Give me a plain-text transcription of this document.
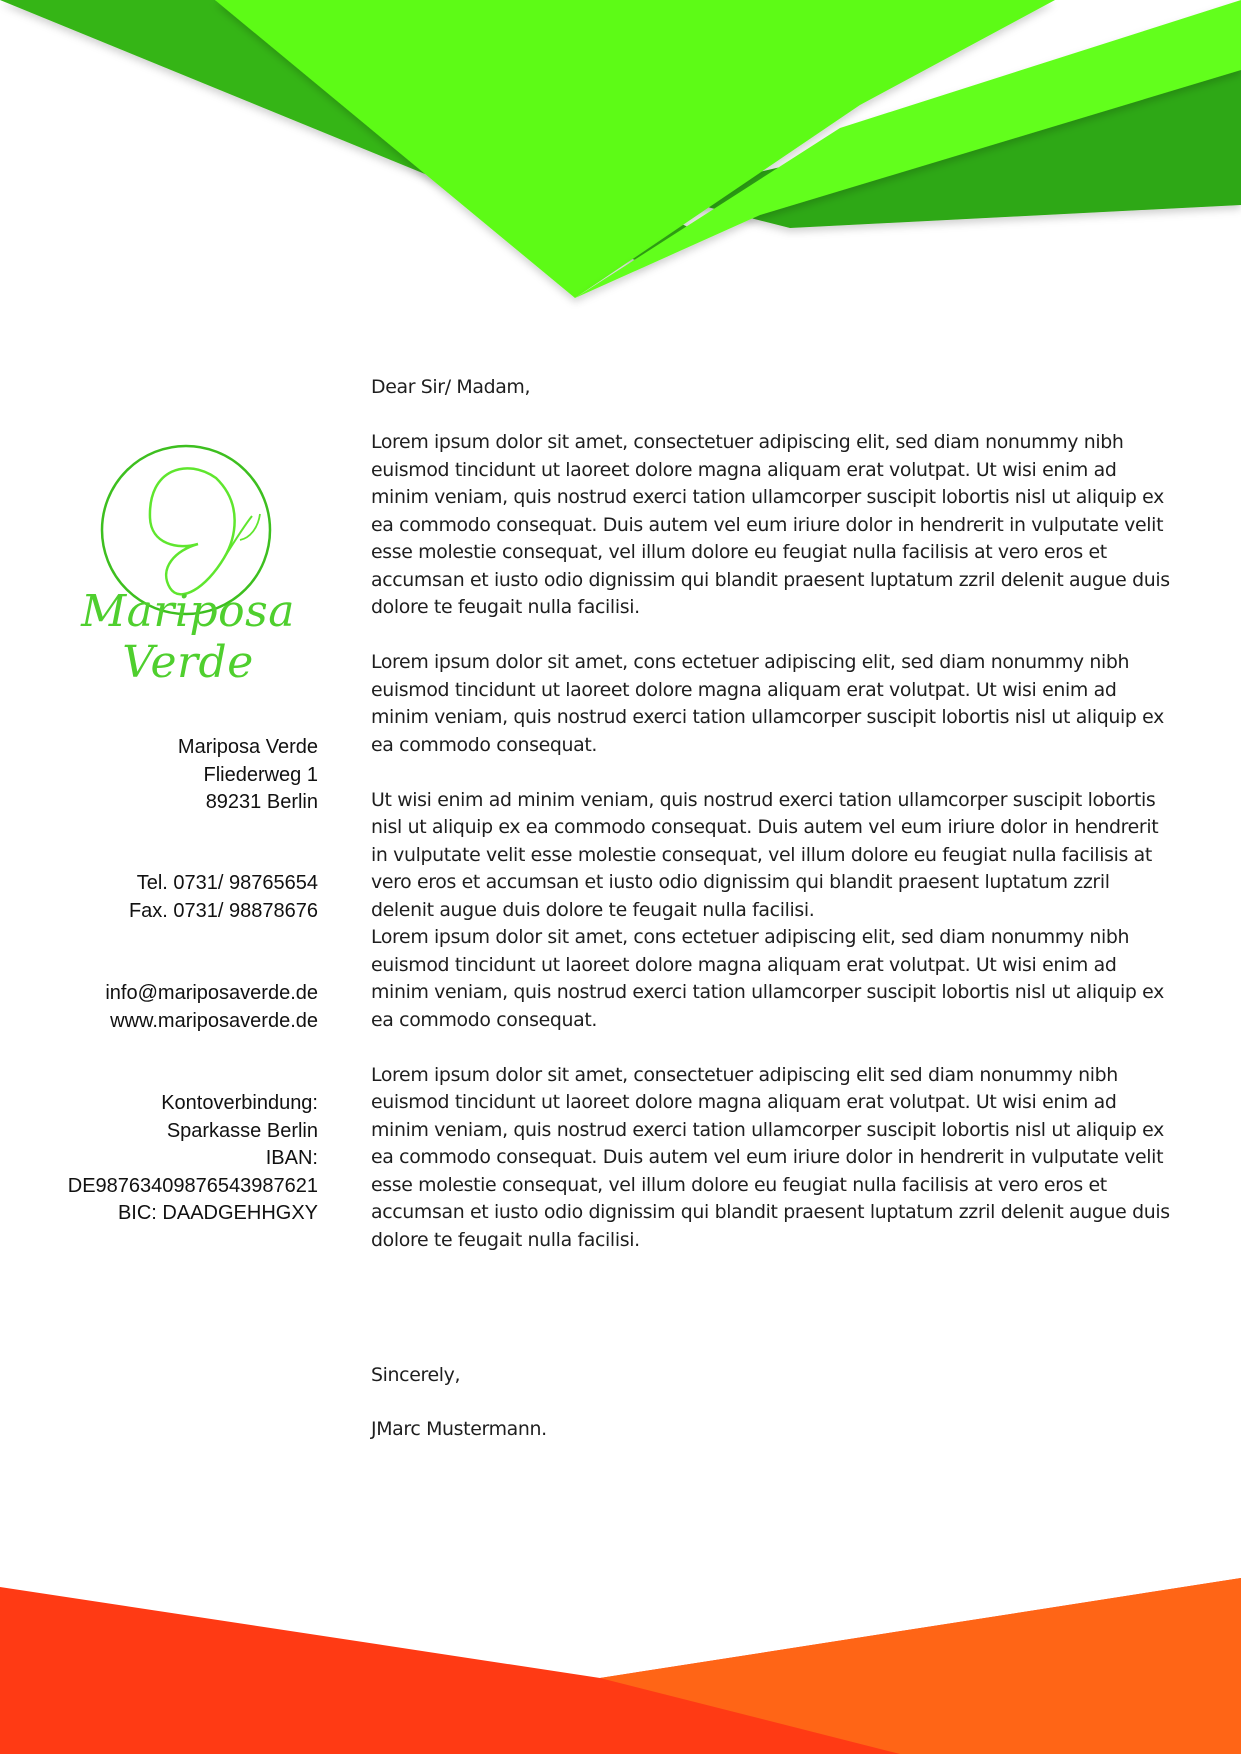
Mariposa Verde
Mariposa Verde
Fliederweg 1
89231 Berlin
Tel. 0731/ 98765654
Fax. 0731/ 98878676
info@mariposaverde.de
www.mariposaverde.de
Kontoverbindung:
Sparkasse Berlin
IBAN:
DE98763409876543987621
BIC: DAADGEHHGXY

Dear Sir/ Madam,

Lorem ipsum dolor sit amet, consectetuer adipiscing elit, sed diam nonummy nibh euismod tincidunt ut laoreet dolore magna aliquam erat volutpat. Ut wisi enim ad minim veniam, quis nostrud exerci tation ullamcorper suscipit lobortis nisl ut aliquip ex ea commodo consequat. Duis autem vel eum iriure dolor in hendrerit in vulputate velit esse molestie consequat, vel illum dolore eu feugiat nulla facilisis at vero eros et accumsan et iusto odio dignissim qui blandit praesent luptatum zzril delenit augue duis dolore te feugait nulla facilisi.

Lorem ipsum dolor sit amet, cons ectetuer adipiscing elit, sed diam nonummy nibh euismod tincidunt ut laoreet dolore magna aliquam erat volutpat. Ut wisi enim ad minim veniam, quis nostrud exerci tation ullamcorper suscipit lobortis nisl ut aliquip ex ea commodo consequat.

Ut wisi enim ad minim veniam, quis nostrud exerci tation ullamcorper suscipit lobortis nisl ut aliquip ex ea commodo consequat. Duis autem vel eum iriure dolor in hendrerit in vulputate velit esse molestie consequat, vel illum dolore eu feugiat nulla facilisis at vero eros et accumsan et iusto odio dignissim qui blandit praesent luptatum zzril delenit augue duis dolore te feugait nulla facilisi.

Lorem ipsum dolor sit amet, cons ectetuer adipiscing elit, sed diam nonummy nibh euismod tincidunt ut laoreet dolore magna aliquam erat volutpat. Ut wisi enim ad minim veniam, quis nostrud exerci tation ullamcorper suscipit lobortis nisl ut aliquip ex ea commodo consequat.

Lorem ipsum dolor sit amet, consectetuer adipiscing elit sed diam nonummy nibh euismod tincidunt ut laoreet dolore magna aliquam erat volutpat. Ut wisi enim ad minim veniam, quis nostrud exerci tation ullamcorper suscipit lobortis nisl ut aliquip ex ea commodo consequat. Duis autem vel eum iriure dolor in hendrerit in vulputate velit esse molestie consequat, vel illum dolore eu feugiat nulla facilisis at vero eros et accumsan et iusto odio dignissim qui blandit praesent luptatum zzril delenit augue duis dolore te feugait nulla facilisi.

Sincerely,
JMarc Mustermann.
